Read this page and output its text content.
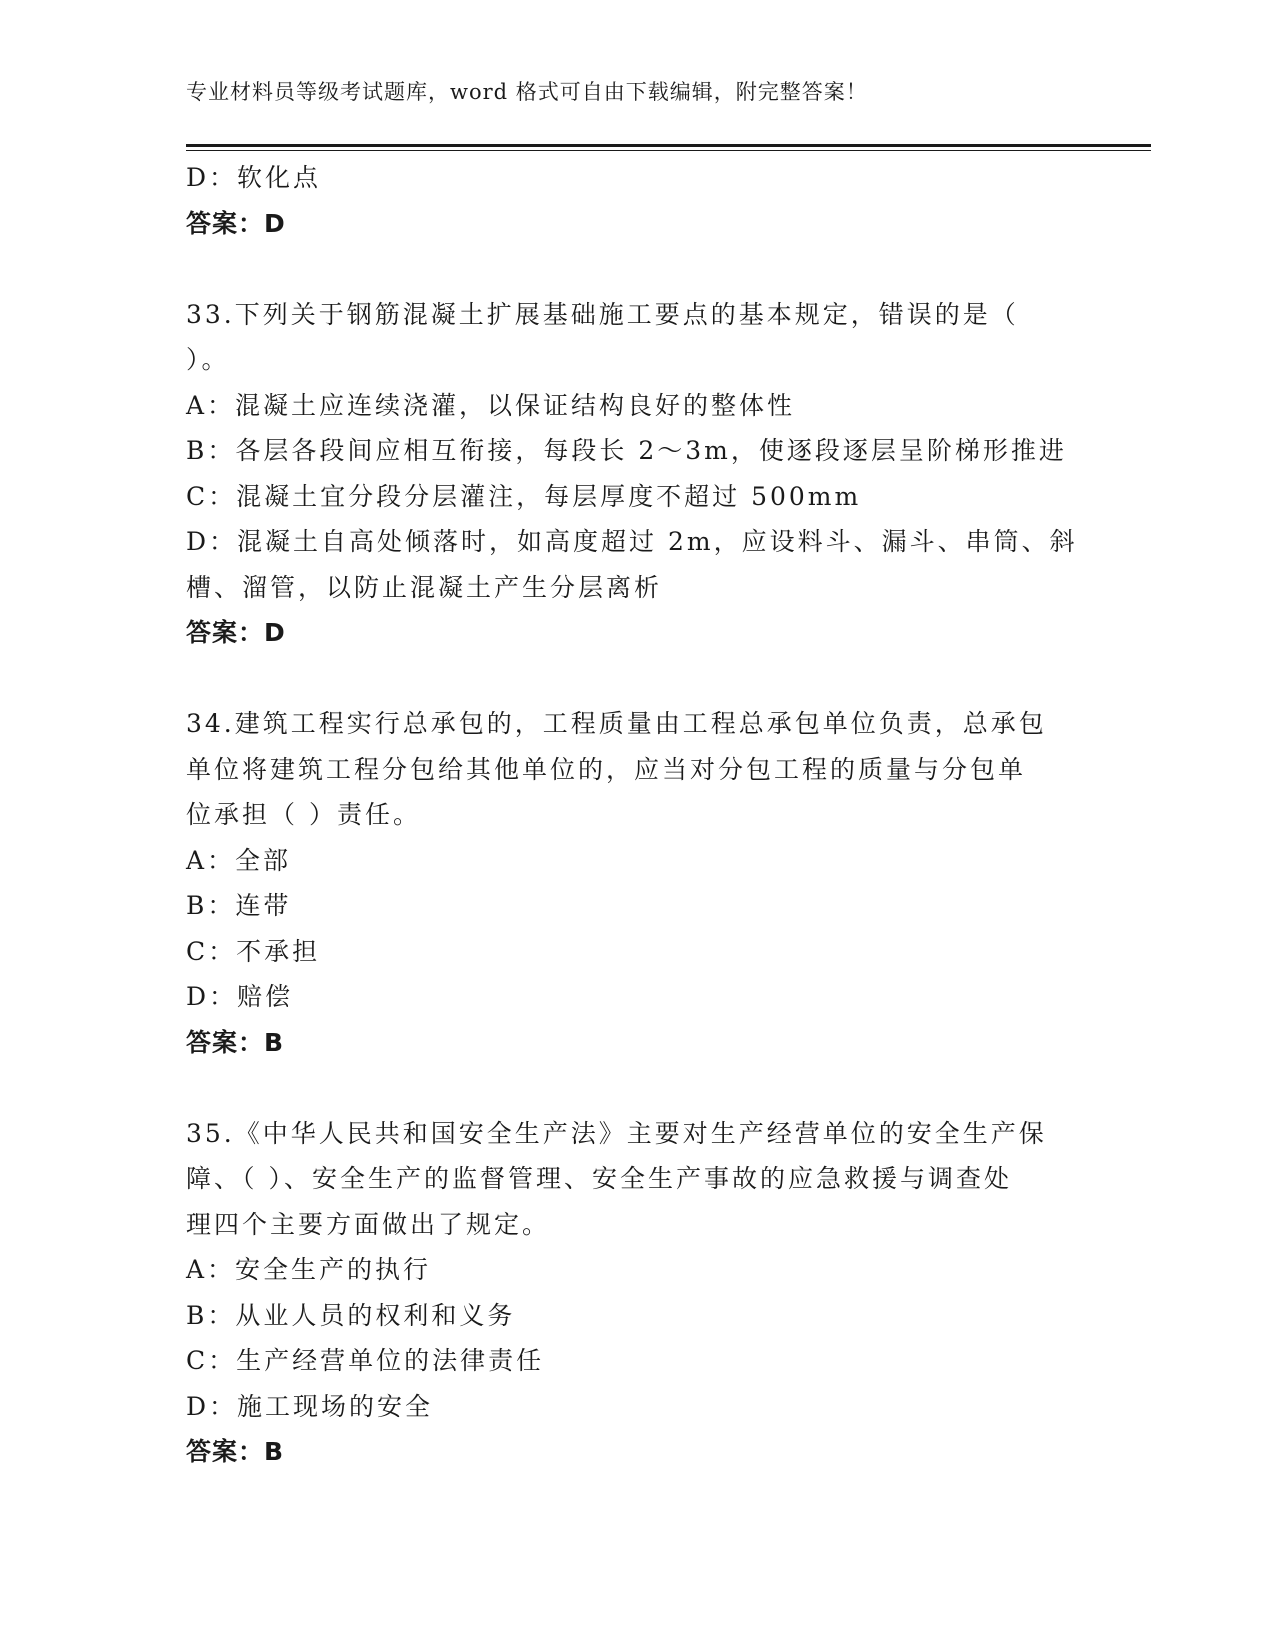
专业材料员等级考试题库，word 格式可自由下载编辑，附完整答案！
D：软化点
答案：D
33.下列关于钢筋混凝土扩展基础施工要点的基本规定，错误的是（
）。
A：混凝土应连续浇灌，以保证结构良好的整体性
B：各层各段间应相互衔接，每段长 2～3m，使逐段逐层呈阶梯形推进
C：混凝土宜分段分层灌注，每层厚度不超过 500mm
D：混凝土自高处倾落时，如高度超过 2m，应设料斗、漏斗、串筒、斜
槽、溜管，以防止混凝土产生分层离析
答案：D
34.建筑工程实行总承包的，工程质量由工程总承包单位负责，总承包
单位将建筑工程分包给其他单位的，应当对分包工程的质量与分包单
位承担（ ）责任。
A：全部
B：连带
C：不承担
D：赔偿
答案：B
35.《中华人民共和国安全生产法》主要对生产经营单位的安全生产保
障、（ ）、安全生产的监督管理、安全生产事故的应急救援与调查处
理四个主要方面做出了规定。
A：安全生产的执行
B：从业人员的权利和义务
C：生产经营单位的法律责任
D：施工现场的安全
答案：B
